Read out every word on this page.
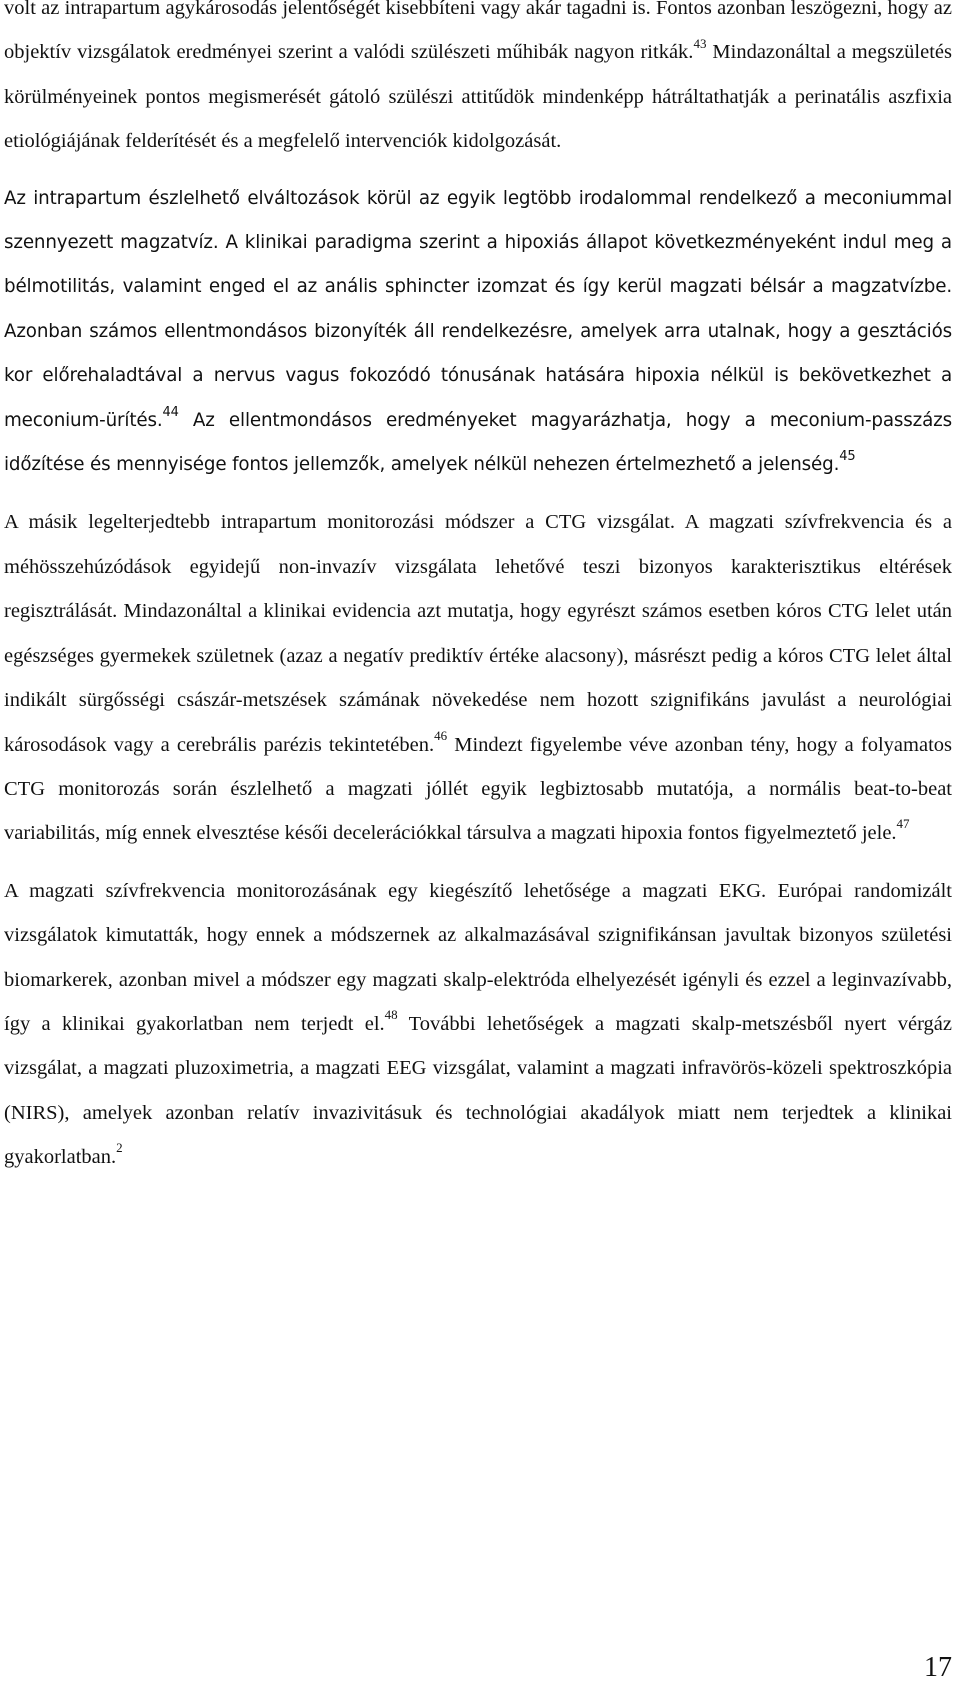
volt az intrapartum agykárosodás jelentőségét kisebbíteni vagy akár tagadni is. Fontos azonban leszögezni, hogy az objektív vizsgálatok eredményei szerint a valódi szülészeti műhibák nagyon ritkák.$^{43}$ Mindazonáltal a megszületés körülményeinek pontos megismerését gátoló szülészi attitűdök mindenképp hátráltathatják a perinatális aszfixia etiológiájának felderítését és a megfelelő intervenciók kidolgozását.

Az intrapartum észlelhető elváltozások körül az egyik legtöbb irodalommal rendelkező a meconiummal szennyezett magzatvíz. A klinikai paradigma szerint a hipoxiás állapot következményeként indul meg a bélmotilitás, valamint enged el az anális sphincter izomzat és így kerül magzati bélsár a magzatvízbe. Azonban számos ellentmondásos bizonyíték áll rendelkezésre, amelyek arra utalnak, hogy a gesztációs kor előrehaladtával a nervus vagus fokozódó tónusának hatására hipoxia nélkül is bekövetkezhet a meconium-ürítés.$^{44}$ Az ellentmondásos eredményeket magyarázhatja, hogy a meconium-passzázs időzítése és mennyisége fontos jellemzők, amelyek nélkül nehezen értelmezhető a jelenség.$^{45}$

A másik legelterjedtebb intrapartum monitorozási módszer a CTG vizsgálat. A magzati szívfrekvencia és a méhösszehúzódások egyidejű non-invazív vizsgálata lehetővé teszi bizonyos karakterisztikus eltérések regisztrálását. Mindazonáltal a klinikai evidencia azt mutatja, hogy egyrészt számos esetben kóros CTG lelet után egészséges gyermekek születnek (azaz a negatív prediktív értéke alacsony), másrészt pedig a kóros CTG lelet által indikált sürgősségi császár-metszések számának növekedése nem hozott szignifikáns javulást a neurológiai károsodások vagy a cerebrális parézis tekintetében.$^{46}$ Mindezt figyelembe véve azonban tény, hogy a folyamatos CTG monitorozás során észlelhető a magzati jóllét egyik legbiztosabb mutatója, a normális beat-to-beat variabilitás, míg ennek elvesztése késői decelerációkkal társulva a magzati hipoxia fontos figyelmeztető jele.$^{47}$

A magzati szívfrekvencia monitorozásának egy kiegészítő lehetősége a magzati EKG. Európai randomizált vizsgálatok kimutatták, hogy ennek a módszernek az alkalmazásával szignifikánsan javultak bizonyos születési biomarkerek, azonban mivel a módszer egy magzati skalp-elektróda elhelyezését igényli és ezzel a leginvazívabb, így a klinikai gyakorlatban nem terjedt el.$^{48}$ További lehetőségek a magzati skalp-metszésből nyert vérgáz vizsgálat, a magzati pluzoximetria, a magzati EEG vizsgálat, valamint a magzati infravörös-közeli spektroszkópia (NIRS), amelyek azonban relatív invazivitásuk és technológiai akadályok miatt nem terjedtek a klinikai gyakorlatban.$^2$

17
